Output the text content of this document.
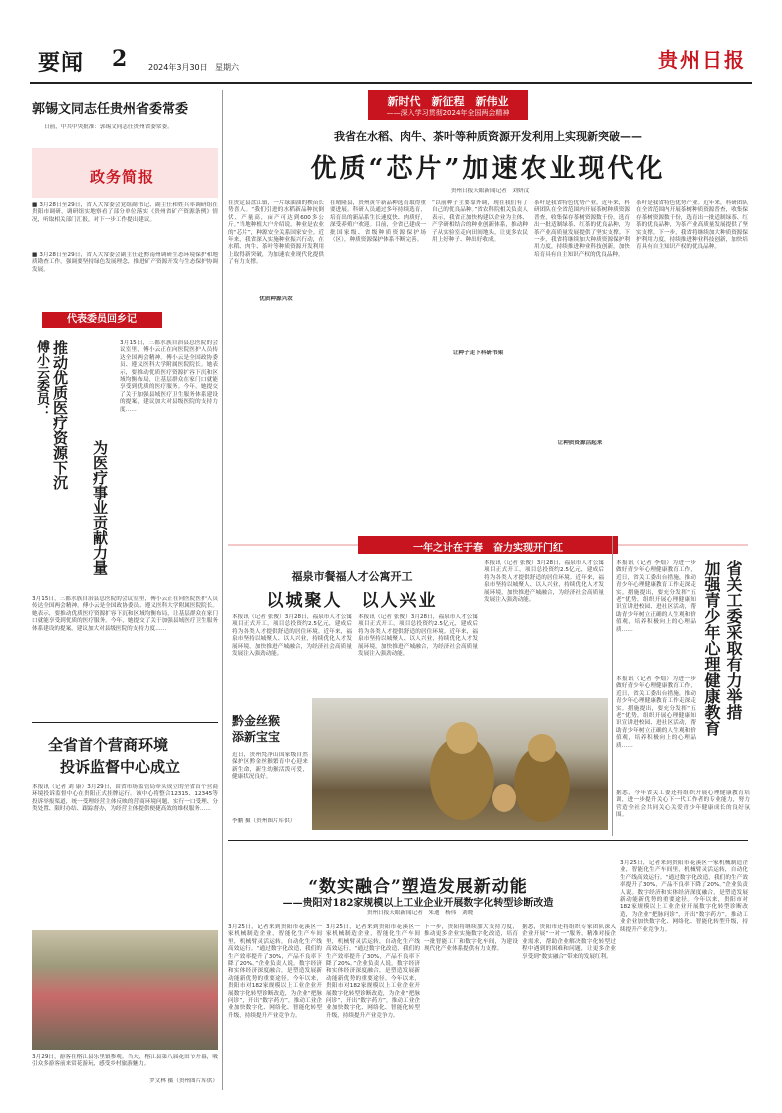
要闻 2	2024年3月30日 星期六	贵州日报
郭锡文同志任贵州省委常委
日前，中共中央批准：郭锡文同志任贵州省委常委。
政务简报
■ 3月28日至29日，省人大常委会党组副书记、副主任和姓兵率调研组在贵阳市调研，调研组实地察看了部分单位落实《贵州省矿产资源条例》情况，听取相关部门汇报，对下一步工作提出建议。
■ 3月28日至29日，省人大常委会副主任赴黔南州调研生态环境保护和地质勘查工作，强调要坚持绿色发展理念，推进矿产资源开发与生态保护协调发展。
代表委员回乡记
傅小云委员： 推动优质医疗资源下沉
为医疗事业贡献力量
3月15日，三都水族自治县总医院的会议室里，傅小云正在向医院医护人员传达全国两会精神。傅小云是全国政协委员、遵义医科大学附属医院院长。她表示，要推动优质医疗资源扩容下沉和区域均衡布局，让基层群众在家门口就能享受到优质的医疗服务。今年，她提交了关于加强县域医疗卫生服务体系建设的提案，建议加大对县级医院的支持力度……
3月15日，三都水族自治县总医院的会议室里，傅小云正在向医院医护人员传达全国两会精神。傅小云是全国政协委员、遵义医科大学附属医院院长。她表示，要推动优质医疗资源扩容下沉和区域均衡布局，让基层群众在家门口就能享受到优质的医疗服务。今年，她提交了关于加强县域医疗卫生服务体系建设的提案，建议加大对县级医院的支持力度……
全省首个营商环境
投诉监督中心成立
本报讯（记者 刘 康）3月29日，由省市场监管局牵头成立的全省首个营商环境投诉监督中心在贵阳正式挂牌运行。该中心将整合12315、12345等投诉举报渠道，统一受理经营主体反映的营商环境问题，实行一口受理、分类处置、限时办结、跟踪督办，为经营主体提供便捷高效的维权服务……
3月29日，游客在榕江县乐里镇参观。当天，榕江县第八届花田节开幕，吸引众多游客前来赏花游玩，感受乡村旅游魅力。
罗文林 摄（贵州图片库供）
新时代　新征程　新伟业
——深入学习贯彻2024年全国两会精神
我省在水稻、肉牛、茶叶等种质资源开发利用上实现新突破——
优质“芯片”加速农业现代化
贵州日报天眼新闻记者　刘妍汶
在贵定县盘江镇，一片绿油油的秧苗长势喜人。“我们引进的水稻新品种抗倒伏、产量高，亩产可达到600多公斤。”当地种植大户介绍说。种业是农业的“芯片”，种源安全关系国家安全。近年来，我省深入实施种业振兴行动，在水稻、肉牛、茶叶等种质资源开发利用上取得新突破，为加速农业现代化提供了有力支撑。
优质种源兴农
在晴隆县，贵州黄牛新品种选育取得重要进展。科研人员通过多年持续选育，培育出的新品系生长速度快、肉质好，深受养殖户欢迎。目前，全省已建成一批国家级、省级种质资源保护场（区），种质资源保护体系不断完善。
让种子走下科研书架
“以前种子主要靠外调，现在我们有了自己的优良品种。”省农科院相关负责人表示，我省正加快构建以企业为主体、产学研相结合的种业创新体系，推动种子从实验室走向田间地头，让更多农民用上好种子、种出好收成。
让种质资源活起来
茶叶是我省特色优势产业。近年来，科研团队在全省范围内开展茶树种质资源普查，收集保存茶树资源数千份，选育出一批适制绿茶、红茶的优良品种，为茶产业高质量发展提供了坚实支撑。下一步，我省将继续加大种质资源保护利用力度，持续推进种业科技创新，加快培育具有自主知识产权的优良品种。
茶叶是我省特色优势产业。近年来，科研团队在全省范围内开展茶树种质资源普查，收集保存茶树资源数千份，选育出一批适制绿茶、红茶的优良品种，为茶产业高质量发展提供了坚实支撑。下一步，我省将继续加大种质资源保护利用力度，持续推进种业科技创新，加快培育具有自主知识产权的优良品种。
一年之计在于春　奋力实现开门红
福泉市餐福人才公寓开工
以城聚人　以人兴业
本报讯（记者 张俊）3月28日，福泉市人才公寓项目正式开工，项目总投资约2.5亿元，建成后将为各类人才提供舒适的居住环境。近年来，福泉市坚持以城聚人、以人兴业，持续优化人才发展环境，加快推进产城融合，为经济社会高质量发展注入强劲动能。
本报讯（记者 张俊）3月28日，福泉市人才公寓项目正式开工，项目总投资约2.5亿元，建成后将为各类人才提供舒适的居住环境。近年来，福泉市坚持以城聚人、以人兴业，持续优化人才发展环境，加快推进产城融合，为经济社会高质量发展注入强劲动能。
本报讯（记者 张俊）3月28日，福泉市人才公寓项目正式开工，项目总投资约2.5亿元，建成后将为各类人才提供舒适的居住环境。近年来，福泉市坚持以城聚人、以人兴业，持续优化人才发展环境，加快推进产城融合，为经济社会高质量发展注入强劲动能。
黔金丝猴
添新宝宝
近日，贵州梵净山国家级自然保护区黔金丝猴繁育中心迎来新生命，新生幼猴活泼可爱，健康状况良好。
李鹏 摄（贵州图片库供）
省关工委采取有力举措
加强青少年心理健康教育
本报讯（记者 李灿）为进一步做好青少年心理健康教育工作，近日，省关工委出台措施，推动青少年心理健康教育工作走深走实。措施提出，要充分发挥“五老”优势，组织开展心理健康知识宣讲进校园、进社区活动，帮助青少年树立正确的人生观和价值观，培养积极向上的心理品质……
本报讯（记者 李灿）为进一步做好青少年心理健康教育工作，近日，省关工委出台措施，推动青少年心理健康教育工作走深走实。措施提出，要充分发挥“五老”优势，组织开展心理健康知识宣讲进校园、进社区活动，帮助青少年树立正确的人生观和价值观，培养积极向上的心理品质……
据悉，今年省关工委还将组织开展心理健康教育培训，进一步提升关心下一代工作者的专业能力，努力营造全社会共同关心关爱青少年健康成长的良好氛围。
“数实融合”塑造发展新动能
——贵阳对182家规模以上工业企业开展数字化转型诊断改造
贵州日报天眼新闻记者　朱迪　杨伟　刘晓
3月25日，记者来到贵阳市花溪区一家机械制造企业，智能化生产车间里，机械臂灵活运转，自动化生产线高效运行。“通过数字化改造，我们的生产效率提升了30%，产品不良率下降了20%。”企业负责人说。数字经济和实体经济深度融合，是塑造发展新动能新优势的重要途径。今年以来，贵阳市对182家规模以上工业企业开展数字化转型诊断改造，为企业“把脉问诊”，开出“数字药方”，推动工业企业加快数字化、网络化、智能化转型升级，持续提升产业竞争力。
3月25日，记者来到贵阳市花溪区一家机械制造企业，智能化生产车间里，机械臂灵活运转，自动化生产线高效运行。“通过数字化改造，我们的生产效率提升了30%，产品不良率下降了20%。”企业负责人说。数字经济和实体经济深度融合，是塑造发展新动能新优势的重要途径。今年以来，贵阳市对182家规模以上工业企业开展数字化转型诊断改造，为企业“把脉问诊”，开出“数字药方”，推动工业企业加快数字化、网络化、智能化转型升级，持续提升产业竞争力。
下一步，贵阳将继续加大支持力度，推动更多企业实施数字化改造，培育一批智能工厂和数字化车间，为建设现代化产业体系提供有力支撑。
据悉，贵阳市还将组织专家团队深入企业开展“一对一”服务，精准对接企业需求，帮助企业解决数字化转型过程中遇到的困难和问题，让更多企业享受到“数实融合”带来的发展红利。
3月25日，记者来到贵阳市花溪区一家机械制造企业，智能化生产车间里，机械臂灵活运转，自动化生产线高效运行。“通过数字化改造，我们的生产效率提升了30%，产品不良率下降了20%。”企业负责人说。数字经济和实体经济深度融合，是塑造发展新动能新优势的重要途径。今年以来，贵阳市对182家规模以上工业企业开展数字化转型诊断改造，为企业“把脉问诊”，开出“数字药方”，推动工业企业加快数字化、网络化、智能化转型升级，持续提升产业竞争力。
